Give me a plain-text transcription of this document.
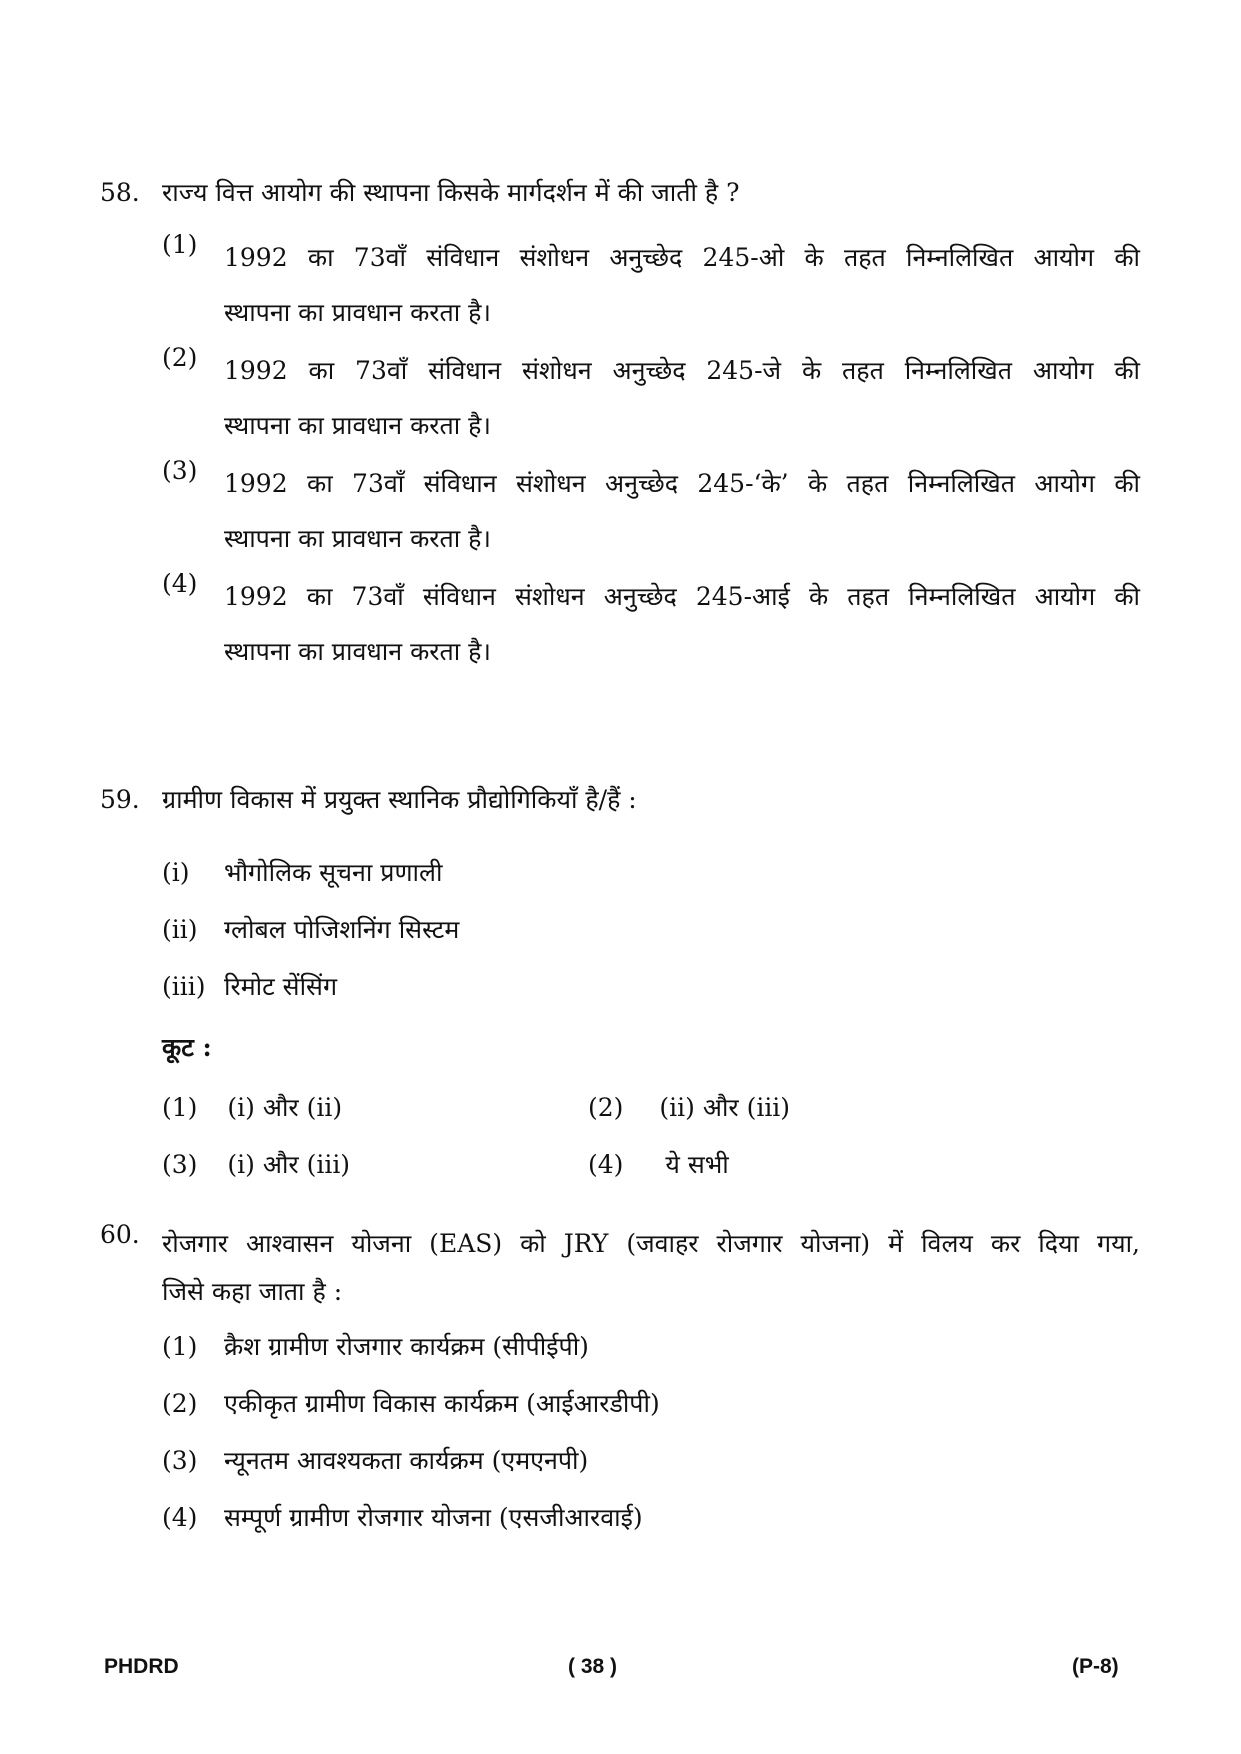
58. राज्य वित्त आयोग की स्थापना किसके मार्गदर्शन में की जाती है ?
(1)	1992 का 73वाँ संविधान संशोधन अनुच्छेद 245-ओ के तहत निम्नलिखित आयोग की
स्थापना का प्रावधान करता है।
(2)	1992 का 73वाँ संविधान संशोधन अनुच्छेद 245-जे के तहत निम्नलिखित आयोग की
स्थापना का प्रावधान करता है।
(3)	1992 का 73वाँ संविधान संशोधन अनुच्छेद 245-‘के’ के तहत निम्नलिखित आयोग की
स्थापना का प्रावधान करता है।
(4)	1992 का 73वाँ संविधान संशोधन अनुच्छेद 245-आई के तहत निम्नलिखित आयोग की
स्थापना का प्रावधान करता है।
59. ग्रामीण विकास में प्रयुक्त स्थानिक प्रौद्योगिकियाँ है/हैं :
(i)	भौगोलिक सूचना प्रणाली
(ii)	ग्लोबल पोजिशनिंग सिस्टम
(iii) रिमोट सेंसिंग
कूट :
(1) (i) और (ii)	(2) (ii) और (iii)
(3) (i) और (iii)	(4) ये सभी
60. रोजगार आश्वासन योजना (EAS) को JRY (जवाहर रोजगार योजना) में विलय कर दिया गया,
जिसे कहा जाता है :
(1)	क्रैश ग्रामीण रोजगार कार्यक्रम (सीपीईपी)
(2)	एकीकृत ग्रामीण विकास कार्यक्रम (आईआरडीपी)
(3)	न्यूनतम आवश्यकता कार्यक्रम (एमएनपी)
(4)	सम्पूर्ण ग्रामीण रोजगार योजना (एसजीआरवाई)
PHDRD	( 38 )	(P-8)
